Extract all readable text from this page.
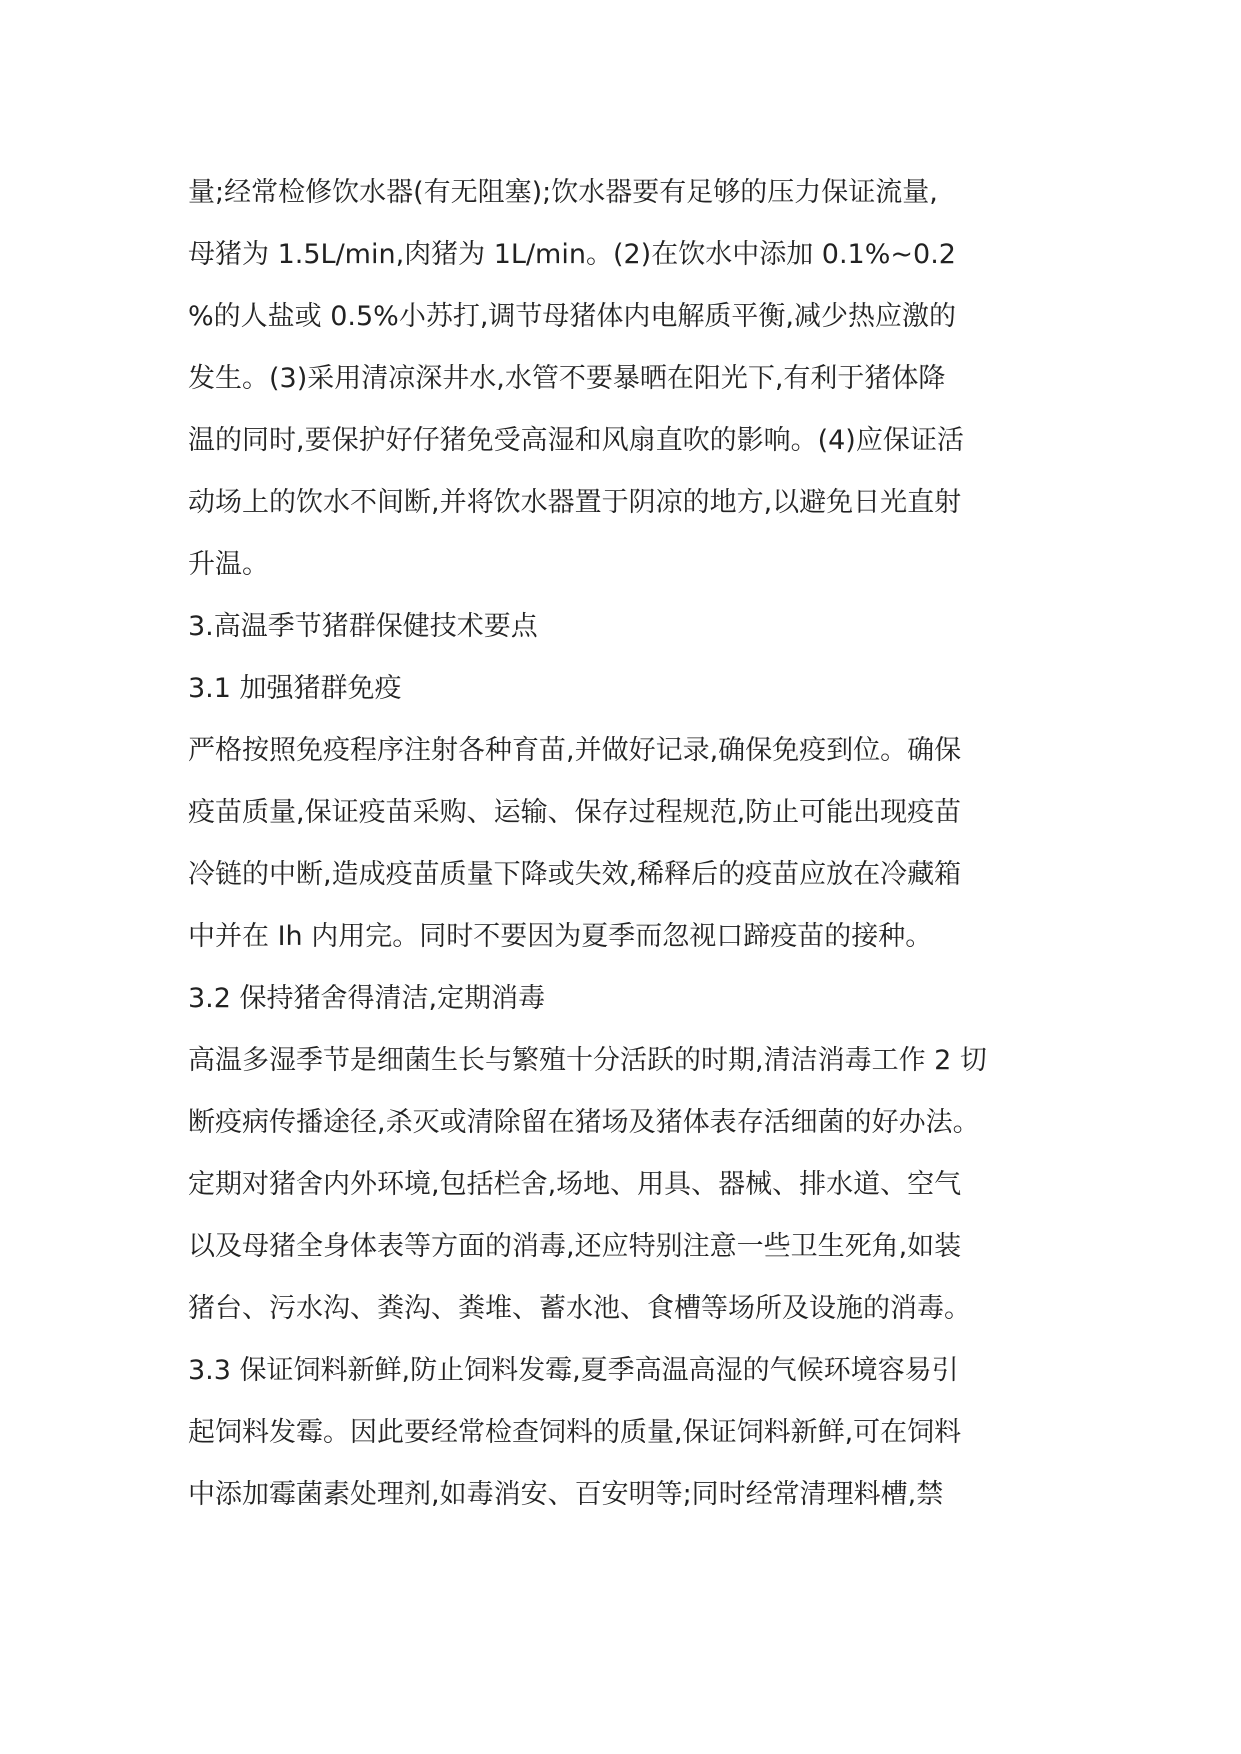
量;经常检修饮水器(有无阻塞);饮水器要有足够的压力保证流量,

母猪为 1.5L/min,肉猪为 1L/min。(2)在饮水中添加 0.1%~0.2

%的人盐或 0.5%小苏打,调节母猪体内电解质平衡,减少热应激的

发生。(3)采用清凉深井水,水管不要暴晒在阳光下,有利于猪体降

温的同时,要保护好仔猪免受高湿和风扇直吹的影响。(4)应保证活

动场上的饮水不间断,并将饮水器置于阴凉的地方,以避免日光直射

升温。

3.高温季节猪群保健技术要点

3.1 加强猪群免疫

严格按照免疫程序注射各种育苗,并做好记录,确保免疫到位。确保

疫苗质量,保证疫苗采购、运输、保存过程规范,防止可能出现疫苗

冷链的中断,造成疫苗质量下降或失效,稀释后的疫苗应放在冷藏箱

中并在 Ih 内用完。同时不要因为夏季而忽视口蹄疫苗的接种。

3.2 保持猪舍得清洁,定期消毒

高温多湿季节是细菌生长与繁殖十分活跃的时期,清洁消毒工作 2 切

断疫病传播途径,杀灭或清除留在猪场及猪体表存活细菌的好办法。

定期对猪舍内外环境,包括栏舍,场地、用具、器械、排水道、空气

以及母猪全身体表等方面的消毒,还应特别注意一些卫生死角,如装

猪台、污水沟、粪沟、粪堆、蓄水池、食槽等场所及设施的消毒。

3.3 保证饲料新鲜,防止饲料发霉,夏季高温高湿的气候环境容易引

起饲料发霉。因此要经常检查饲料的质量,保证饲料新鲜,可在饲料

中添加霉菌素处理剂,如毒消安、百安明等;同时经常清理料槽,禁
